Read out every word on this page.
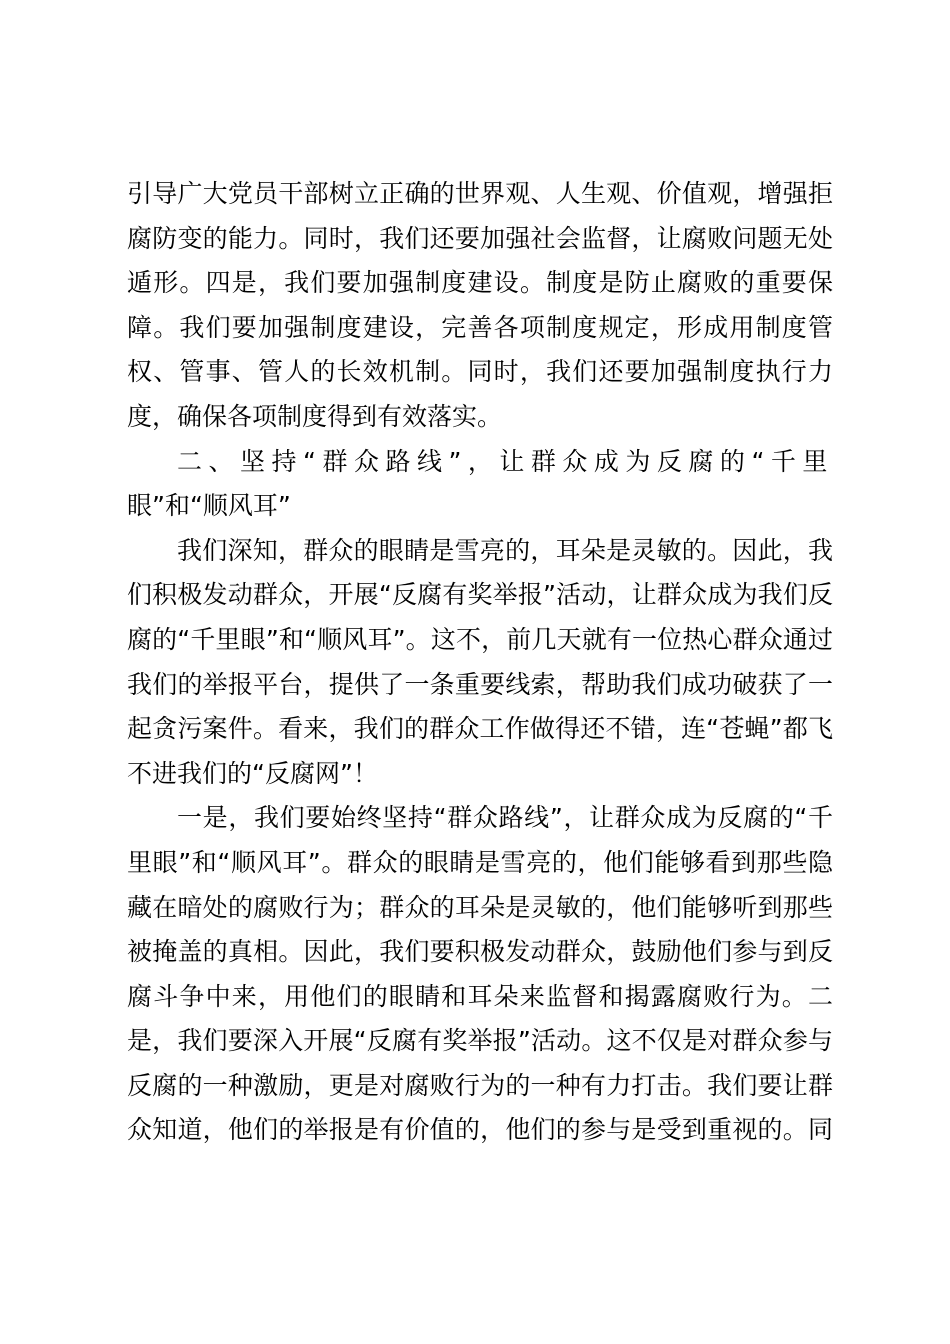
引导广大党员干部树立正确的世界观、人生观、价值观，增强拒
腐防变的能力。同时，我们还要加强社会监督，让腐败问题无处
遁形。四是，我们要加强制度建设。制度是防止腐败的重要保
障。我们要加强制度建设，完善各项制度规定，形成用制度管
权、管事、管人的长效机制。同时，我们还要加强制度执行力
度，确保各项制度得到有效落实。
二、坚持“群众路线”，让群众成为反腐的“千里
眼”和“顺风耳”
我们深知，群众的眼睛是雪亮的，耳朵是灵敏的。因此，我
们积极发动群众，开展“反腐有奖举报”活动，让群众成为我们反
腐的“千里眼”和“顺风耳”。这不，前几天就有一位热心群众通过
我们的举报平台，提供了一条重要线索，帮助我们成功破获了一
起贪污案件。看来，我们的群众工作做得还不错，连“苍蝇”都飞
不进我们的“反腐网”！
一是，我们要始终坚持“群众路线”，让群众成为反腐的“千
里眼”和“顺风耳”。群众的眼睛是雪亮的，他们能够看到那些隐
藏在暗处的腐败行为；群众的耳朵是灵敏的，他们能够听到那些
被掩盖的真相。因此，我们要积极发动群众，鼓励他们参与到反
腐斗争中来，用他们的眼睛和耳朵来监督和揭露腐败行为。二
是，我们要深入开展“反腐有奖举报”活动。这不仅是对群众参与
反腐的一种激励，更是对腐败行为的一种有力打击。我们要让群
众知道，他们的举报是有价值的，他们的参与是受到重视的。同
